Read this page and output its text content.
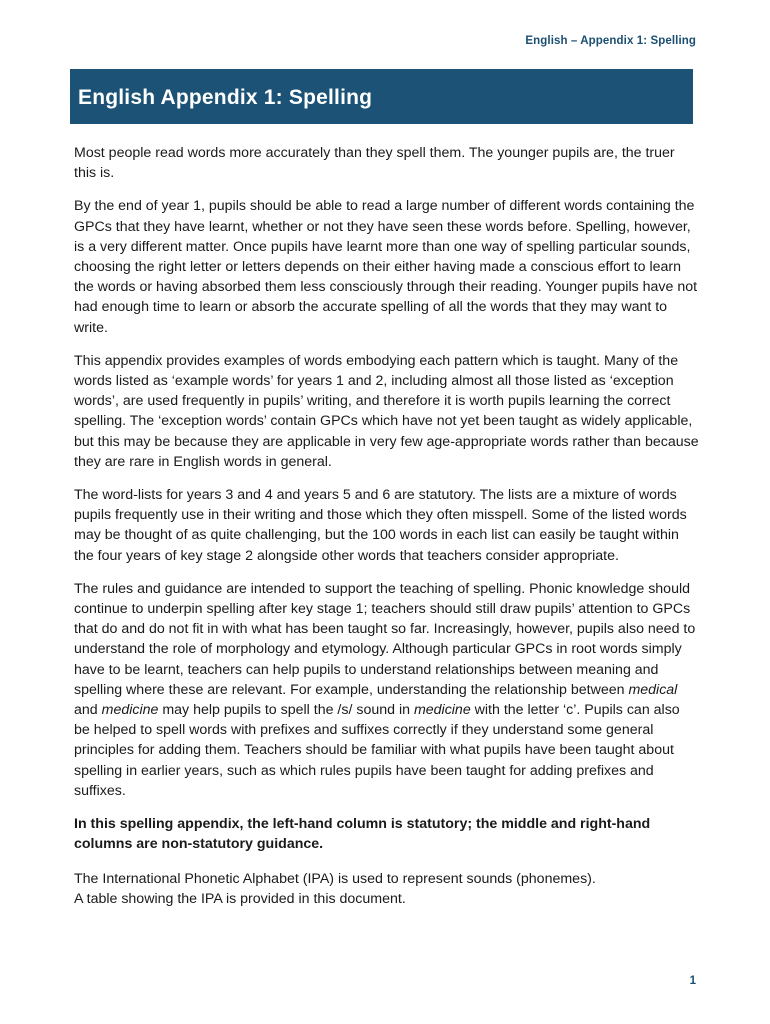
English – Appendix 1: Spelling
English Appendix 1: Spelling

Most people read words more accurately than they spell them. The younger pupils are, the truer this is.

By the end of year 1, pupils should be able to read a large number of different words containing the GPCs that they have learnt, whether or not they have seen these words before. Spelling, however, is a very different matter. Once pupils have learnt more than one way of spelling particular sounds, choosing the right letter or letters depends on their either having made a conscious effort to learn the words or having absorbed them less consciously through their reading. Younger pupils have not had enough time to learn or absorb the accurate spelling of all the words that they may want to write.

This appendix provides examples of words embodying each pattern which is taught. Many of the words listed as ‘example words’ for years 1 and 2, including almost all those listed as ‘exception words’, are used frequently in pupils’ writing, and therefore it is worth pupils learning the correct spelling. The ‘exception words’ contain GPCs which have not yet been taught as widely applicable, but this may be because they are applicable in very few age-appropriate words rather than because they are rare in English words in general.

The word-lists for years 3 and 4 and years 5 and 6 are statutory. The lists are a mixture of words pupils frequently use in their writing and those which they often misspell. Some of the listed words may be thought of as quite challenging, but the 100 words in each list can easily be taught within the four years of key stage 2 alongside other words that teachers consider appropriate.

The rules and guidance are intended to support the teaching of spelling. Phonic knowledge should continue to underpin spelling after key stage 1; teachers should still draw pupils’ attention to GPCs that do and do not fit in with what has been taught so far. Increasingly, however, pupils also need to understand the role of morphology and etymology. Although particular GPCs in root words simply have to be learnt, teachers can help pupils to understand relationships between meaning and spelling where these are relevant. For example, understanding the relationship between medical and medicine may help pupils to spell the /s/ sound in medicine with the letter ‘c’. Pupils can also be helped to spell words with prefixes and suffixes correctly if they understand some general principles for adding them. Teachers should be familiar with what pupils have been taught about spelling in earlier years, such as which rules pupils have been taught for adding prefixes and suffixes.

In this spelling appendix, the left-hand column is statutory; the middle and right-hand columns are non-statutory guidance.

The International Phonetic Alphabet (IPA) is used to represent sounds (phonemes).
A table showing the IPA is provided in this document.

1
